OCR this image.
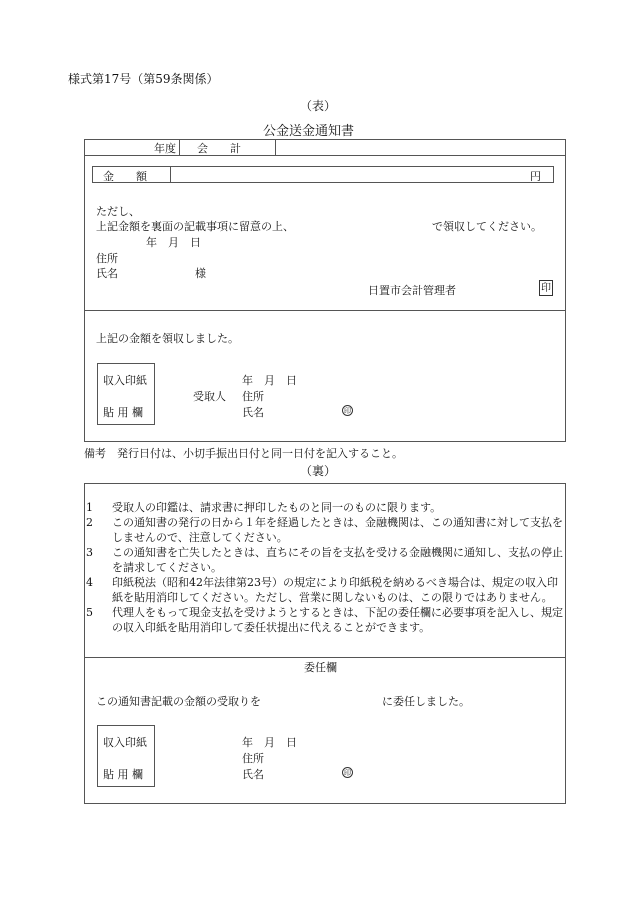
様式第17号（第59条関係）
（表）
公金送金通知書
年度 会　　計
金　　額	円
ただし、
上記金額を裏面の記載事項に留意の上、	で領収してください。
年　月　日
住所
氏名	様
日置市会計管理者	印
上記の金額を領収しました。
収入印紙
貼 用 欄
年　月　日
受取人 住所
氏名	印
備考　発行日付は、小切手振出日付と同一日付を記入すること。
（裏）
1	受取人の印鑑は、請求書に押印したものと同一のものに限ります。
2	この通知書の発行の日から１年を経過したときは、金融機関は、この通知書に対して支払をしませんので、注意してください。
3	この通知書を亡失したときは、直ちにその旨を支払を受ける金融機関に通知し、支払の停止を請求してください。
4	印紙税法（昭和42年法律第23号）の規定により印紙税を納めるべき場合は、規定の収入印紙を貼用消印してください。ただし、営業に関しないものは、この限りではありません。
5	代理人をもって現金支払を受けようとするときは、下記の委任欄に必要事項を記入し、規定の収入印紙を貼用消印して委任状提出に代えることができます。
委任欄
この通知書記載の金額の受取りを	に委任しました。
収入印紙
貼 用 欄
年　月　日
住所
氏名	印
